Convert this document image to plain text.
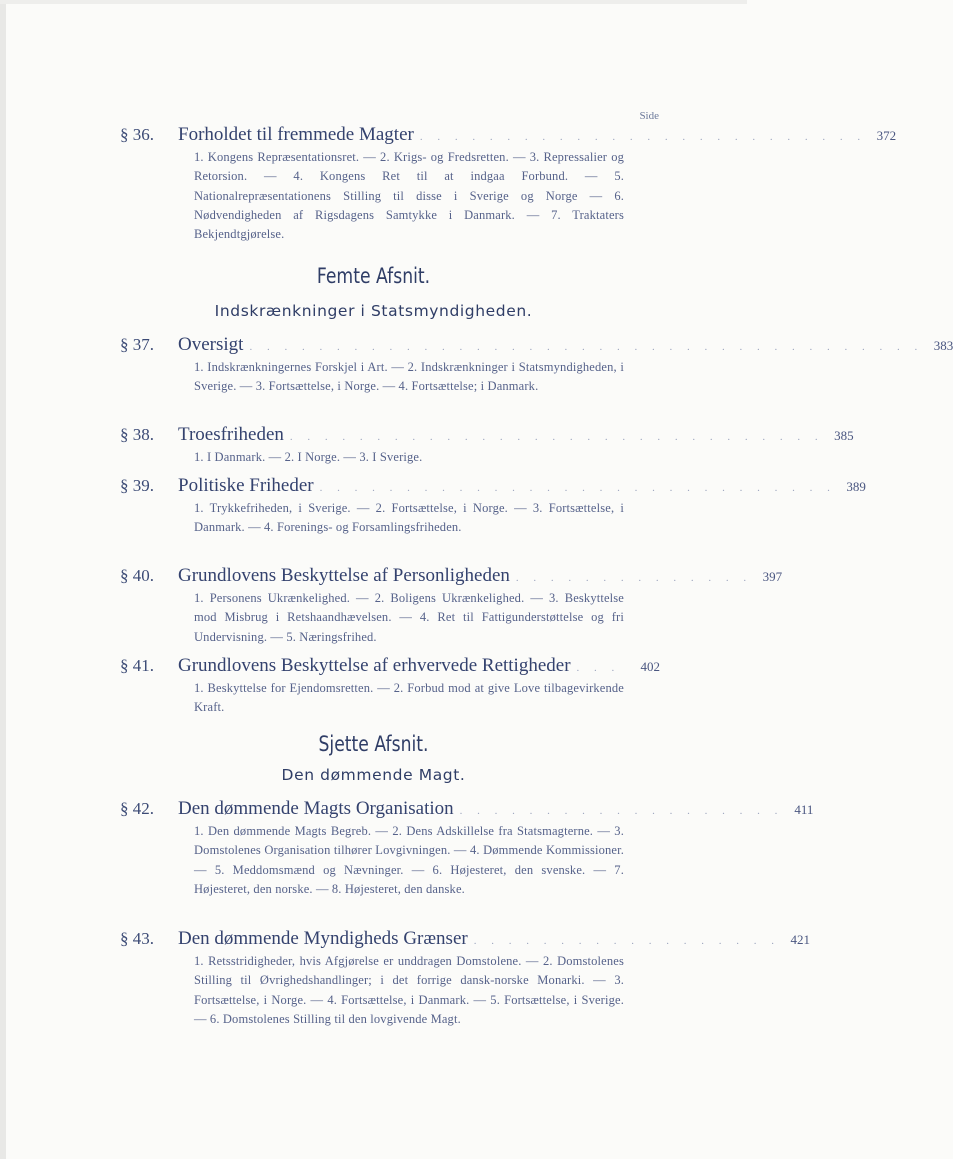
Side
§ 36.	Forholdet til fremmede Magter . . . . . . . . . . . . . . . . . . . . . . . . . . 372
1. Kongens Repræsentationsret. — 2. Krigs- og Fredsretten. — 3. Repressalier og Retorsion. — 4. Kongens Ret til at indgaa Forbund. — 5. Nationalrepræsentationens Stilling til disse i Sverige og Norge — 6. Nødvendigheden af Rigsdagens Samtykke i Danmark. — 7. Traktaters Bekjendtgjørelse.
Femte Afsnit.
Indskrænkninger i Statsmyndigheden.
§ 37.	Oversigt . . . . . . . . . . . . . . . . . . . . . . . . . . . . . . . . . . . . . . . 383
1. Indskrænkningernes Forskjel i Art. — 2. Indskrænkninger i Statsmyndigheden, i Sverige. — 3. Fortsættelse, i Norge. — 4. Fortsættelse; i Danmark.
§ 38.	Troesfriheden . . . . . . . . . . . . . . . . . . . . . . . . . . . . . . . 385
1. I Danmark. — 2. I Norge. — 3. I Sverige.
§ 39.	Politiske Friheder . . . . . . . . . . . . . . . . . . . . . . . . . . . . . . 389
1. Trykkefriheden, i Sverige. — 2. Fortsættelse, i Norge. — 3. Fortsættelse, i Danmark. — 4. Forenings- og Forsamlingsfriheden.
§ 40.	Grundlovens Beskyttelse af Personligheden . . . . . . . . . . . . . . 397
1. Personens Ukrænkelighed. — 2. Boligens Ukrænkelighed. — 3. Beskyttelse mod Misbrug i Retshaandhævelsen. — 4. Ret til Fattigunderstøttelse og fri Undervisning. — 5. Næringsfrihed.
§ 41.	Grundlovens Beskyttelse af erhvervede Rettigheder . . .	402
1. Beskyttelse for Ejendomsretten. — 2. Forbud mod at give Love tilbagevirkende Kraft.
Sjette Afsnit.
Den dømmende Magt.
§ 42.	Den dømmende Magts Organisation . . . . . . . . . . . . . . . . . . . 411
1. Den dømmende Magts Begreb. — 2. Dens Adskillelse fra Statsmagterne. — 3. Domstolenes Organisation tilhører Lovgivningen. — 4. Dømmende Kommissioner. — 5. Meddomsmænd og Nævninger. — 6. Højesteret, den svenske. — 7. Højesteret, den norske. — 8. Højesteret, den danske.
§ 43.	Den dømmende Myndigheds Grænser . . . . . . . . . . . . . . . . . . 421
1. Retsstridigheder, hvis Afgjørelse er unddragen Domstolene. — 2. Domstolenes Stilling til Øvrighedshandlinger; i det forrige dansk-norske Monarki. — 3. Fortsættelse, i Norge. — 4. Fortsættelse, i Danmark. — 5. Fortsættelse, i Sverige. — 6. Domstolenes Stilling til den lovgivende Magt.
